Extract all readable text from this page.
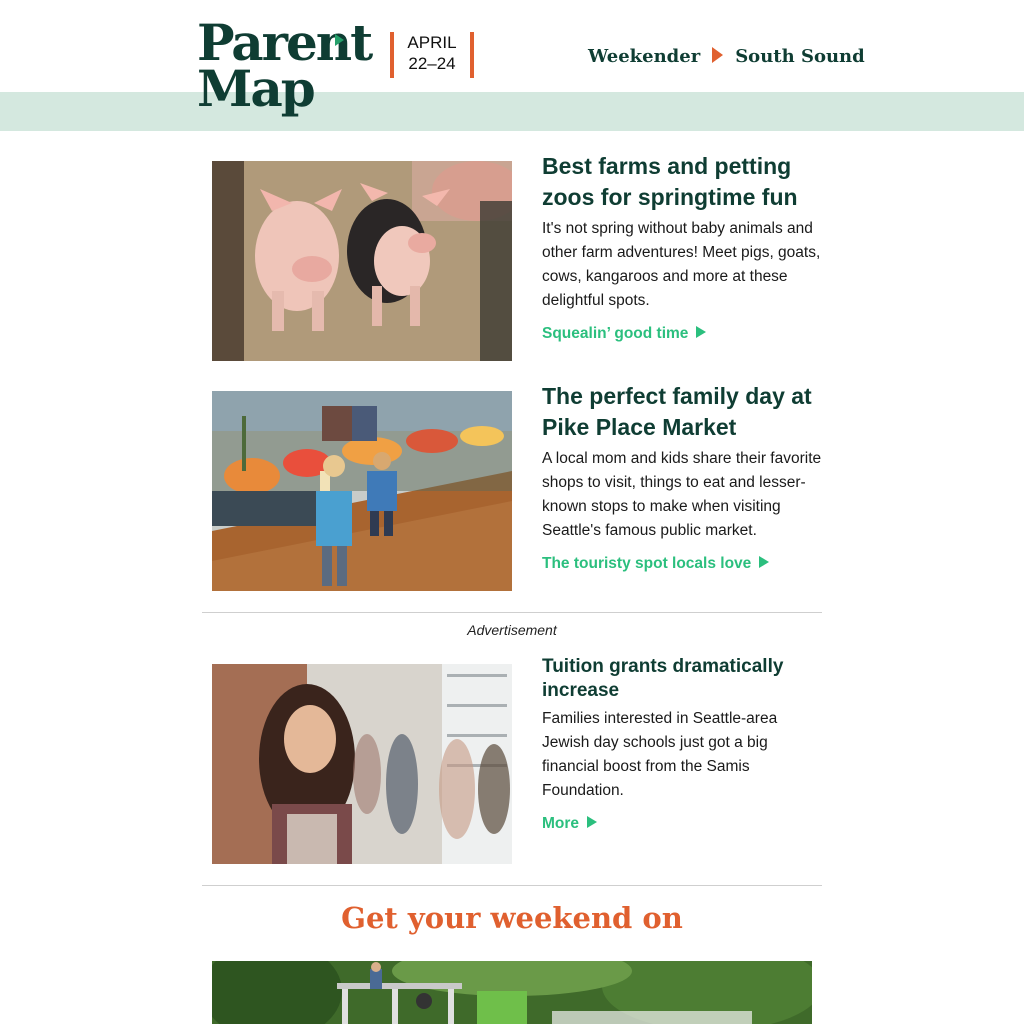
Parent
Map
APRIL
22–24	Weekender South Sound
Best farms and petting zoos for springtime fun

It's not spring without baby animals and other farm adventures! Meet pigs, goats, cows, kangaroos and more at these delightful spots.

Squealin’ good time
The perfect family day at Pike Place Market

A local mom and kids share their favorite shops to visit, things to eat and lesser-known stops to make when visiting Seattle's famous public market.

The touristy spot locals love
Advertisement
Tuition grants dramatically increase

Families interested in Seattle-area Jewish day schools just got a big financial boost from the Samis Foundation.

More
Get your weekend on
